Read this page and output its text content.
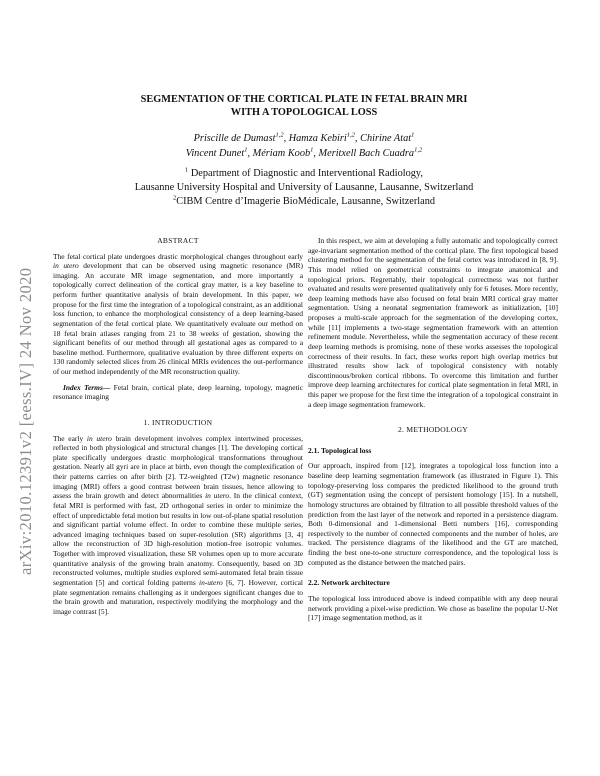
arXiv:2010.12391v2 [eess.IV] 24 Nov 2020
SEGMENTATION OF THE CORTICAL PLATE IN FETAL BRAIN MRI
WITH A TOPOLOGICAL LOSS
Priscille de Dumast$^{1,2}$, Hamza Kebiri$^{1,2}$, Chirine Atat$^1$
Vincent Dunet$^1$, Mériam Koob$^1$, Meritxell Bach Cuadra$^{1,2}$
$^1$ Department of Diagnostic and Interventional Radiology,
Lausanne University Hospital and University of Lausanne, Lausanne, Switzerland
$^2$CIBM Centre d’Imagerie BioMédicale, Lausanne, Switzerland
ABSTRACT

The fetal cortical plate undergoes drastic morphological changes throughout early in utero development that can be observed using magnetic resonance (MR) imaging. An accurate MR image segmentation, and more importantly a topologically correct delineation of the cortical gray matter, is a key baseline to perform further quantitative analysis of brain development. In this paper, we propose for the first time the integration of a topological constraint, as an additional loss function, to enhance the morphological consistency of a deep learning-based segmentation of the fetal cortical plate. We quantitatively evaluate our method on 18 fetal brain atlases ranging from 21 to 38 weeks of gestation, showing the significant benefits of our method through all gestational ages as compared to a baseline method. Furthermore, qualitative evaluation by three different experts on 130 randomly selected slices from 26 clinical MRIs evidences the out-performance of our method independently of the MR reconstruction quality.

Index Terms— Fetal brain, cortical plate, deep learning, topology, magnetic resonance imaging

1. INTRODUCTION

The early in utero brain development involves complex intertwined processes, reflected in both physiological and structural changes [1]. The developing cortical plate specifically undergoes drastic morphological transformations throughout gestation. Nearly all gyri are in place at birth, even though the complexification of their patterns carries on after birth [2]. T2-weighted (T2w) magnetic resonance imaging (MRI) offers a good contrast between brain tissues, hence allowing to assess the brain growth and detect abnormalities in utero. In the clinical context, fetal MRI is performed with fast, 2D orthogonal series in order to minimize the effect of unpredictable fetal motion but results in low out-of-plane spatial resolution and significant partial volume effect. In order to combine these multiple series, advanced imaging techniques based on super-resolution (SR) algorithms [3, 4] allow the reconstruction of 3D high-resolution motion-free isotropic volumes. Together with improved visualization, these SR volumes open up to more accurate quantitative analysis of the growing brain anatomy. Consequently, based on 3D reconstructed volumes, multiple studies explored semi-automated fetal brain tissue segmentation [5] and cortical folding patterns in-utero [6, 7]. However, cortical plate segmentation remains challenging as it undergoes significant changes due to the brain growth and maturation, respectively modifying the morphology and the image contrast [5].

In this respect, we aim at developing a fully automatic and topologically correct age-invariant segmentation method of the cortical plate. The first topological based clustering method for the segmentation of the fetal cortex was introduced in [8, 9]. This model relied on geometrical constraints to integrate anatomical and topological priors. Regrettably, their topological correctness was not further evaluated and results were presented qualitatively only for 6 fetuses. More recently, deep learning methods have also focused on fetal brain MRI cortical gray matter segmentation. Using a neonatal segmentation framework as initialization, [10] proposes a multi-scale approach for the segmentation of the developing cortex, while [11] implements a two-stage segmentation framework with an attention refinement module. Nevertheless, while the segmentation accuracy of these recent deep learning methods is promising, none of these works assesses the topological correctness of their results. In fact, these works report high overlap metrics but illustrated results show lack of topological consistency with notably discontinuous/broken cortical ribbons. To overcome this limitation and further improve deep learning architectures for cortical plate segmentation in fetal MRI, in this paper we propose for the first time the integration of a topological constraint in a deep image segmentation framework.

2. METHODOLOGY
2.1. Topological loss

Our approach, inspired from [12], integrates a topological loss function into a baseline deep learning segmentation framework (as illustrated in Figure 1). This topology-preserving loss compares the predicted likelihood to the ground truth (GT) segmentation using the concept of persistent homology [15]. In a nutshell, homology structures are obtained by filtration to all possible threshold values of the prediction from the last layer of the network and reported in a persistence diagram. Both 0-dimensional and 1-dimensional Betti numbers [16], corresponding respectively to the number of connected components and the number of holes, are tracked. The persistence diagrams of the likelihood and the GT are matched, finding the best one-to-one structure correspondence, and the topological loss is computed as the distance between the matched pairs.

2.2. Network architecture

The topological loss introduced above is indeed compatible with any deep neural network providing a pixel-wise prediction. We chose as baseline the popular U-Net [17] image segmentation method, as it
